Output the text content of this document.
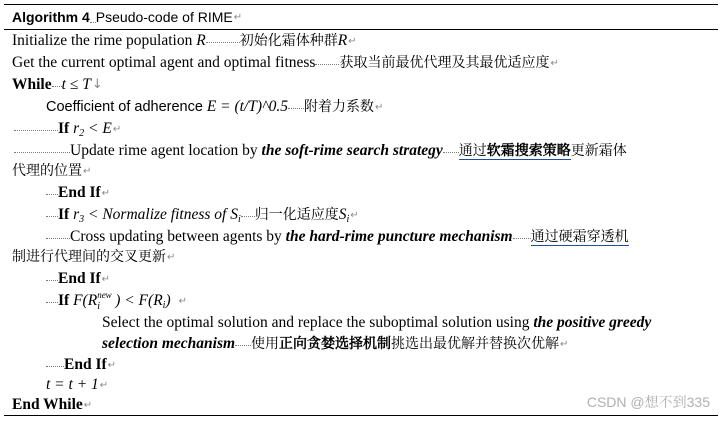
Algorithm 4 Pseudo-code of RIME ↵
Initialize the rime population R 初始化霜体种群R↵
Get the current optimal agent and optimal fitness 获取当前最优代理及其最优适应度↵
While t ≤ T↓
Coefficient of adherence E = (t/T)^0.5 附着力系数↵
If $r_2$ < E↵
Update rime agent location by the soft-rime search strategy 通过软霜搜索策略更新霜体
代理的位置↵
End If↵
If $r_3$ < Normalize fitness of $S_i$ 归一化适应度$S_i↵$
Cross updating between agents by the hard-rime puncture mechanism 通过硬霜穿透机
制进行代理间的交叉更新↵
End If↵
If F(R new
i ) < $F(R_i)$ ↵
Select the optimal solution and replace the suboptimal solution using the positive greedy
selection mechanism 使用正向贪婪选择机制挑选出最优解并替换次优解↵
End If↵
t = t + 1↵
End While↵	CSDN @想不到335
